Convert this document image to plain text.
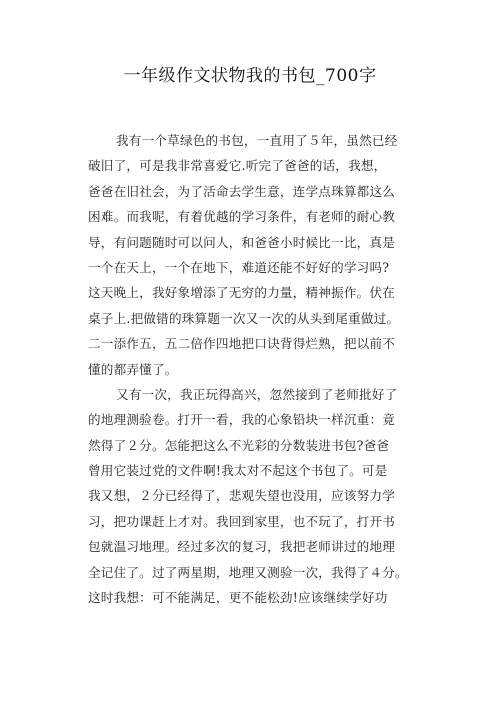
一年级作文状物我的书包_700字
我有一个草绿色的书包，一直用了５年，虽然已经
破旧了，可是我非常喜爱它.听完了爸爸的话，我想，
爸爸在旧社会，为了活命去学生意，连学点珠算都这么
困难。而我呢，有着优越的学习条件，有老师的耐心教
导，有问题随时可以问人，和爸爸小时候比一比，真是
一个在天上，一个在地下，难道还能不好好的学习吗?
这天晚上，我好象增添了无穷的力量，精神振作。伏在
桌子上.把做错的珠算题一次又一次的从头到尾重做过。
二一添作五，五二倍作四地把口诀背得烂熟，把以前不
懂的都弄懂了。
又有一次，我正玩得高兴，忽然接到了老师批好了
的地理测验卷。打开一看，我的心象铅块一样沉重：竟
然得了２分。怎能把这么不光彩的分数装进书包?爸爸
曾用它装过党的文件啊!我太对不起这个书包了。可是
我又想，２分已经得了，悲观失望也没用，应该努力学
习，把功课赶上才对。我回到家里，也不玩了，打开书
包就温习地理。经过多次的复习，我把老师讲过的地理
全记住了。过了两星期，地理又测验一次，我得了４分。
这时我想：可不能满足，更不能松劲!应该继续学好功
